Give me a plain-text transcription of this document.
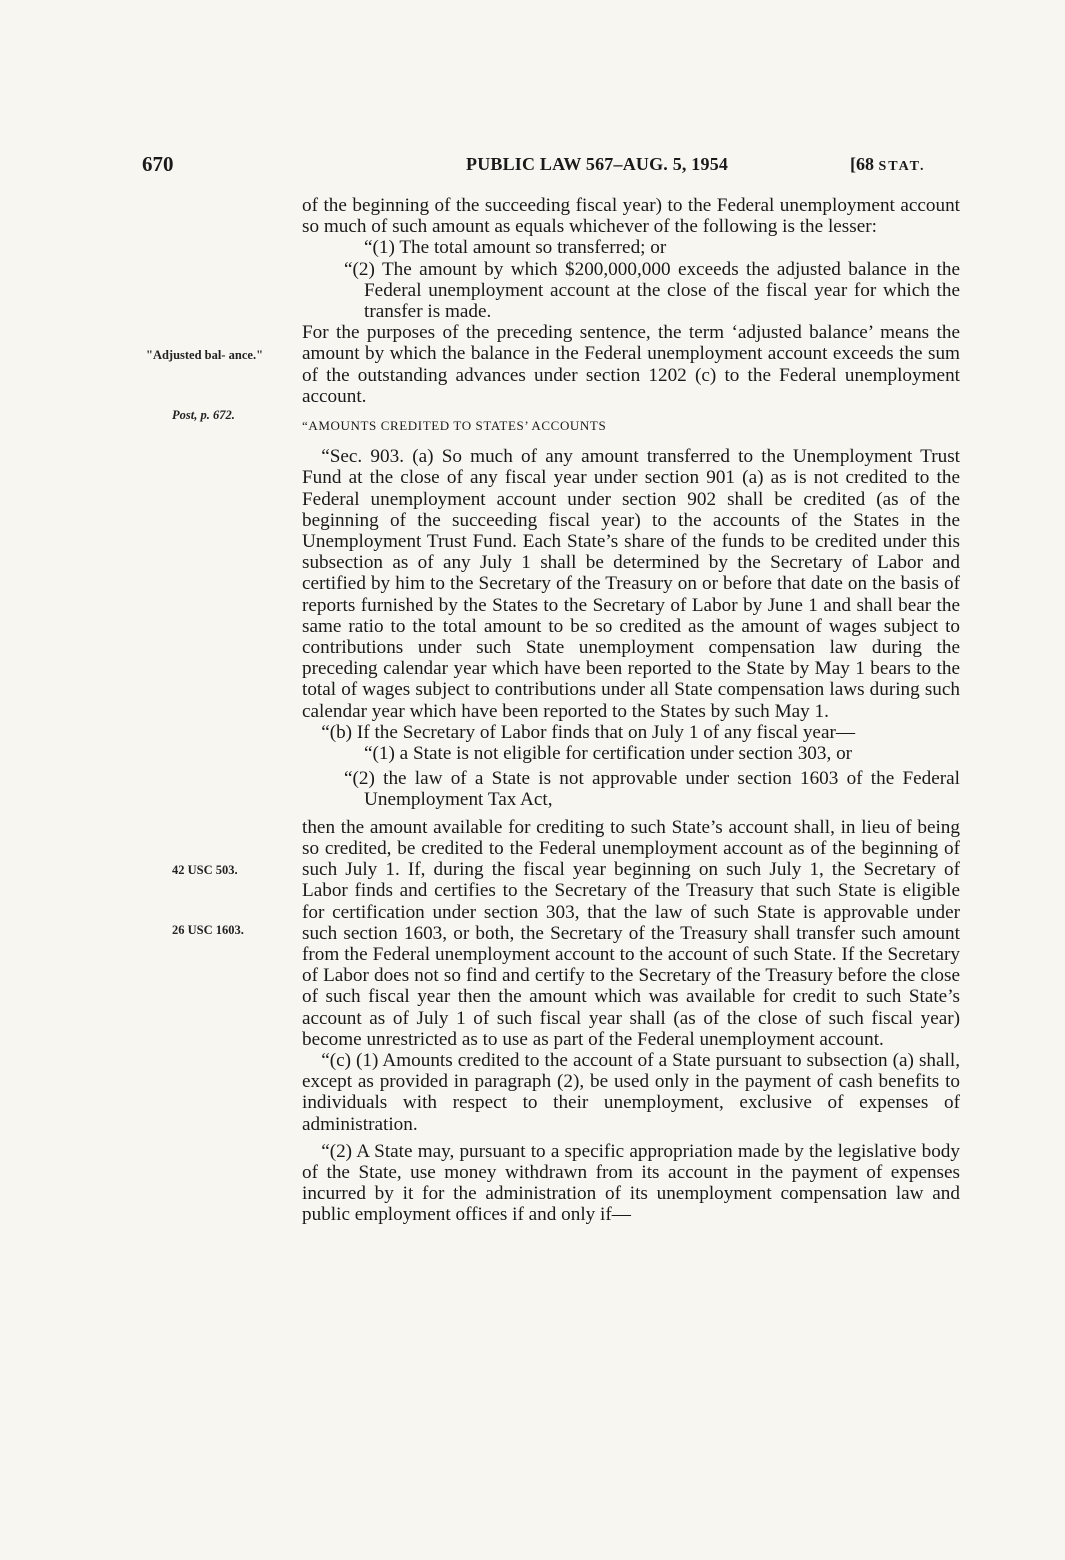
670	PUBLIC LAW 567–AUG. 5, 1954	[68 STAT.
"Adjusted bal- ance."
Post, p. 672.
42 USC 503.
26 USC 1603.

of the beginning of the succeeding fiscal year) to the Federal unemployment account so much of such amount as equals whichever of the following is the lesser:

“(1) The total amount so transferred; or

“(2) The amount by which $200,000,000 exceeds the adjusted balance in the Federal unemployment account at the close of the fiscal year for which the transfer is made.

For the purposes of the preceding sentence, the term ‘adjusted balance’ means the amount by which the balance in the Federal unemployment account exceeds the sum of the outstanding advances under section 1202 (c) to the Federal unemployment account.

“AMOUNTS CREDITED TO STATES’ ACCOUNTS

“Sec. 903. (a) So much of any amount transferred to the Unemployment Trust Fund at the close of any fiscal year under section 901 (a) as is not credited to the Federal unemployment account under section 902 shall be credited (as of the beginning of the succeeding fiscal year) to the accounts of the States in the Unemployment Trust Fund. Each State’s share of the funds to be credited under this subsection as of any July 1 shall be determined by the Secretary of Labor and certified by him to the Secretary of the Treasury on or before that date on the basis of reports furnished by the States to the Secretary of Labor by June 1 and shall bear the same ratio to the total amount to be so credited as the amount of wages subject to contributions under such State unemployment compensation law during the preceding calendar year which have been reported to the State by May 1 bears to the total of wages subject to contributions under all State compensation laws during such calendar year which have been reported to the States by such May 1.

“(b) If the Secretary of Labor finds that on July 1 of any fiscal year—

“(1) a State is not eligible for certification under section 303, or

“(2) the law of a State is not approvable under section 1603 of the Federal Unemployment Tax Act,

then the amount available for crediting to such State’s account shall, in lieu of being so credited, be credited to the Federal unemployment account as of the beginning of such July 1. If, during the fiscal year beginning on such July 1, the Secretary of Labor finds and certifies to the Secretary of the Treasury that such State is eligible for certification under section 303, that the law of such State is approvable under such section 1603, or both, the Secretary of the Treasury shall transfer such amount from the Federal unemployment account to the account of such State. If the Secretary of Labor does not so find and certify to the Secretary of the Treasury before the close of such fiscal year then the amount which was available for credit to such State’s account as of July 1 of such fiscal year shall (as of the close of such fiscal year) become unrestricted as to use as part of the Federal unemployment account.

“(c) (1) Amounts credited to the account of a State pursuant to subsection (a) shall, except as provided in paragraph (2), be used only in the payment of cash benefits to individuals with respect to their unemployment, exclusive of expenses of administration.

“(2) A State may, pursuant to a specific appropriation made by the legislative body of the State, use money withdrawn from its account in the payment of expenses incurred by it for the administration of its unemployment compensation law and public employment offices if and only if—
